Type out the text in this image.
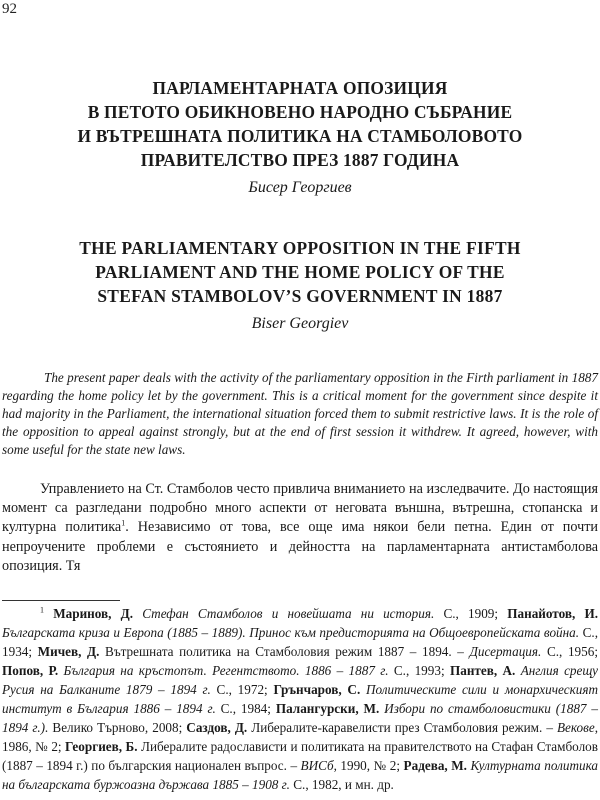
92
ПАРЛАМЕНТАРНАТА ОПОЗИЦИЯ
В ПЕТОТО ОБИКНОВЕНО НАРОДНО СЪБРАНИЕ
И ВЪТРЕШНАТА ПОЛИТИКА НА СТАМБОЛОВОТО
ПРАВИТЕЛСТВО ПРЕЗ 1887 ГОДИНА
Бисер Георгиев
THE PARLIAMENTARY OPPOSITION IN THE FIFTH
PARLIAMENT AND THE HOME POLICY OF THE
STEFAN STAMBOLOV’S GOVERNMENT IN 1887
Biser Georgiev
The present paper deals with the activity of the parliamentary opposition in the Firth parliament in 1887 regarding the home policy let by the government. This is a critical moment for the government since despite it had majority in the Parliament, the international situation forced them to submit restrictive laws. It is the role of the opposition to appeal against strongly, but at the end of first session it withdrew. It agreed, however, with some useful for the state new laws.
Управлението на Ст. Стамболов често привлича вниманието на изследвачите. До настоящия момент са разгледани подробно много аспекти от неговата външна, вътрешна, стопанска и културна политика$^1$. Независимо от това, все още има някои бели петна. Един от почти непроучените проблеми е състоянието и дейността на парламентарната антистамболова опозиция. Тя
$^1$ Маринов, Д. Стефан Стамболов и новейшата ни история. С., 1909; Панайотов, И. Българската криза и Европа (1885 – 1889). Принос към предисторията на Общоевропейската война. С., 1934; Мичев, Д. Вътрешната политика на Стамболовия режим 1887 – 1894. – Дисертация. С., 1956; Попов, Р. България на кръстопът. Регентството. 1886 – 1887 г. С., 1993; Пантев, А. Англия срещу Русия на Балканите 1879 – 1894 г. С., 1972; Грънчаров, С. Политическите сили и монархическият институт в България 1886 – 1894 г. С., 1984; Палангурски, М. Избори по стамболовистики (1887 – 1894 г.). Велико Търново, 2008; Саздов, Д. Либералите-каравелисти през Стамболовия режим. – Векове, 1986, № 2; Георгиев, Б. Либералите радослависти и политиката на правителството на Стафан Стамболов (1887 – 1894 г.) по българския национален въпрос. – ВИСб, 1990, № 2; Радева, М. Културната политика на българската буржоазна държава 1885 – 1908 г. С., 1982, и мн. др.
